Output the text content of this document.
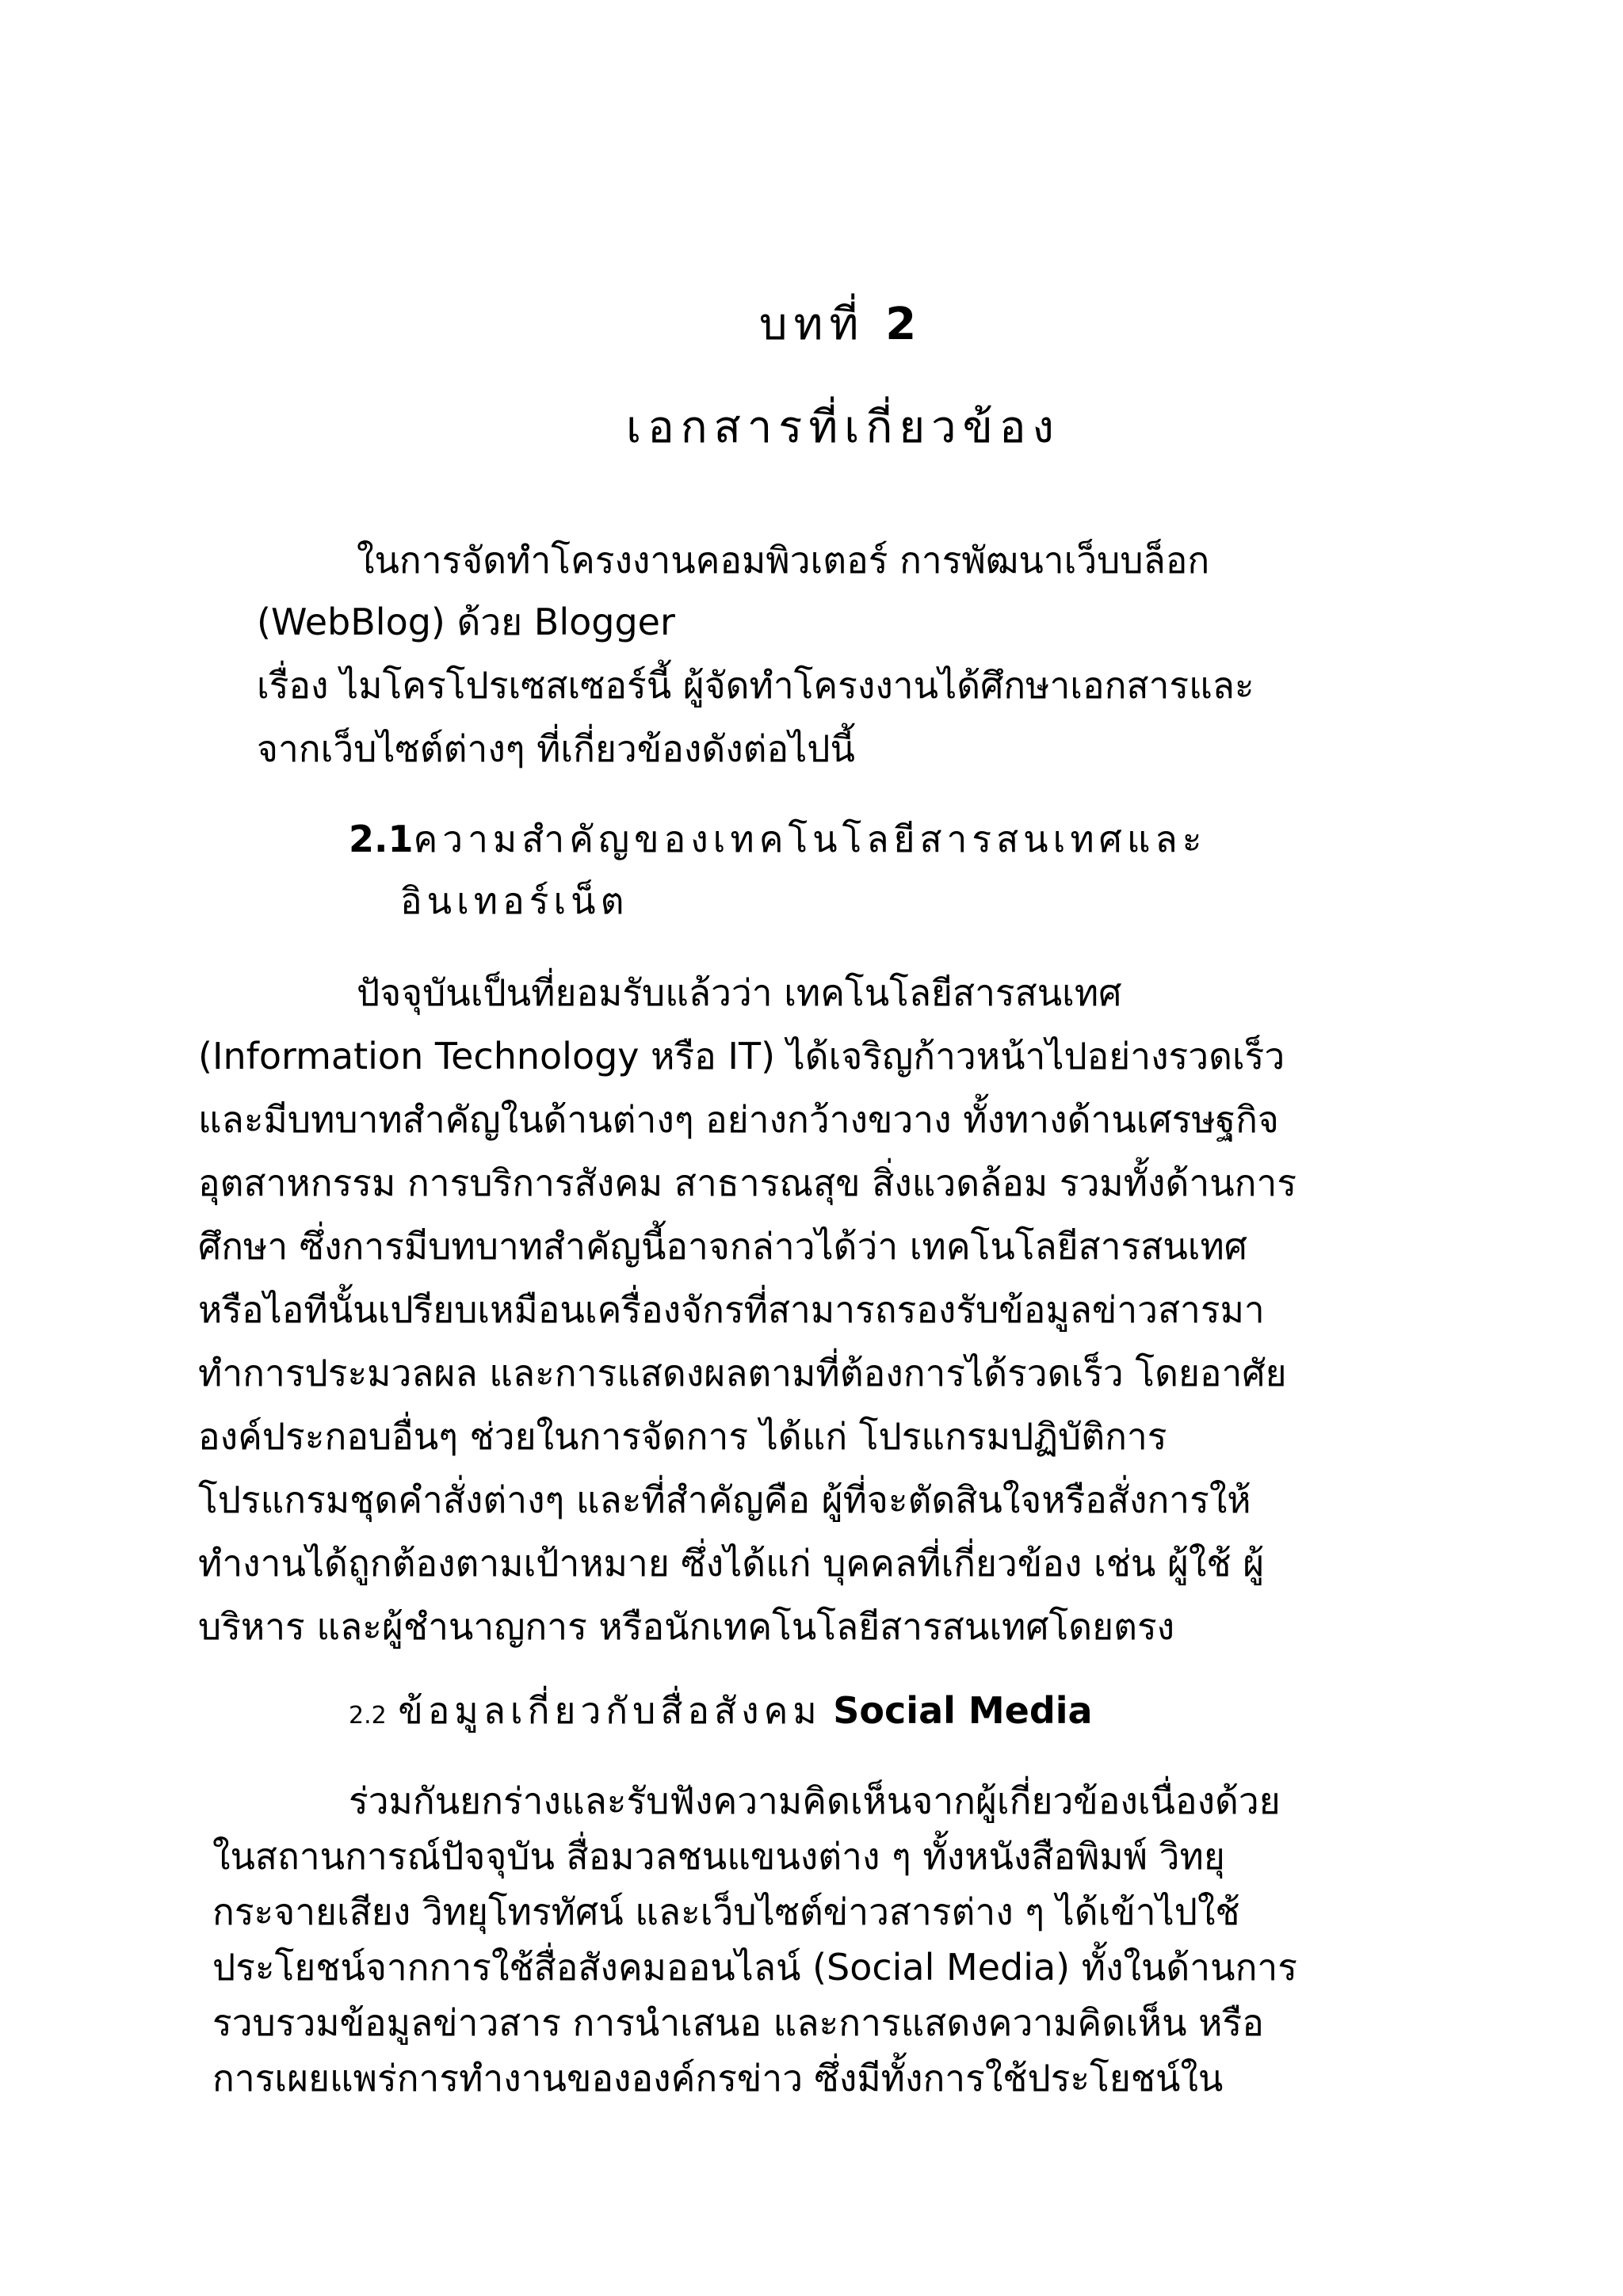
บทที่ 2
เอกสารที่เกี่ยวข้อง
ในการจัดทำโครงงานคอมพิวเตอร์ การพัฒนาเว็บบล็อก
(WebBlog) ด้วย Blogger
เรื่อง ไมโครโปรเซสเซอร์นี้ ผู้จัดทำโครงงานได้ศึกษาเอกสารและ
จากเว็บไซต์ต่างๆ ที่เกี่ยวข้องดังต่อไปนี้
2.1ความสำคัญของเทคโนโลยีสารสนเทศและ
อินเทอร์เน็ต
ปัจจุบันเป็นที่ยอมรับแล้วว่า เทคโนโลยีสารสนเทศ
(Information Technology หรือ IT) ได้เจริญก้าวหน้าไปอย่างรวดเร็ว
และมีบทบาทสำคัญในด้านต่างๆ อย่างกว้างขวาง ทั้งทางด้านเศรษฐกิจ
อุตสาหกรรม การบริการสังคม สาธารณสุข สิ่งแวดล้อม รวมทั้งด้านการ
ศึกษา ซึ่งการมีบทบาทสำคัญนี้อาจกล่าวได้ว่า เทคโนโลยีสารสนเทศ
หรือไอทีนั้นเปรียบเหมือนเครื่องจักรที่สามารถรองรับข้อมูลข่าวสารมา
ทำการประมวลผล และการแสดงผลตามที่ต้องการได้รวดเร็ว โดยอาศัย
องค์ประกอบอื่นๆ ช่วยในการจัดการ ได้แก่ โปรแกรมปฏิบัติการ
โปรแกรมชุดคำสั่งต่างๆ และที่สำคัญคือ ผู้ที่จะตัดสินใจหรือสั่งการให้
ทำงานได้ถูกต้องตามเป้าหมาย ซึ่งได้แก่ บุคคลที่เกี่ยวข้อง เช่น ผู้ใช้ ผู้
บริหาร และผู้ชำนาญการ หรือนักเทคโนโลยีสารสนเทศโดยตรง
2.2 ข้อมูลเกี่ยวกับสื่อสังคม Social Media
ร่วมกันยกร่างและรับฟังความคิดเห็นจากผู้เกี่ยวข้องเนื่องด้วย
ในสถานการณ์ปัจจุบัน สื่อมวลชนแขนงต่าง ๆ ทั้งหนังสือพิมพ์ วิทยุ
กระจายเสียง วิทยุโทรทัศน์ และเว็บไซต์ข่าวสารต่าง ๆ ได้เข้าไปใช้
ประโยชน์จากการใช้สื่อสังคมออนไลน์ (Social Media) ทั้งในด้านการ
รวบรวมข้อมูลข่าวสาร การนำเสนอ และการแสดงความคิดเห็น หรือ
การเผยแพร่การทำงานขององค์กรข่าว ซึ่งมีทั้งการใช้ประโยชน์ใน
